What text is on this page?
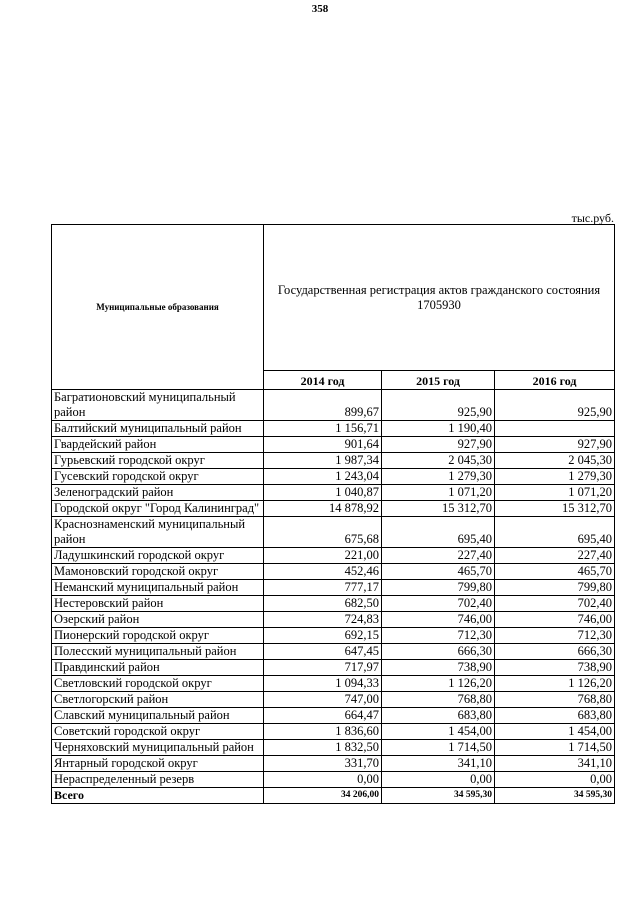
358
тыс.руб.
Муниципальные образования	Государственная регистрация актов гражданского состояния
1705930		
	2014 год	2015 год	2016 год
Багратионовский муниципальный район	899,67	925,90	925,90
Балтийский муниципальный район	1 156,71	1 190,40	
Гвардейский район	901,64	927,90	927,90
Гурьевский городской округ	1 987,34	2 045,30	2 045,30
Гусевский городской округ	1 243,04	1 279,30	1 279,30
Зеленоградский район	1 040,87	1 071,20	1 071,20
Городской округ "Город Калининград"	14 878,92	15 312,70	15 312,70
Краснознаменский муниципальный район	675,68	695,40	695,40
Ладушкинский городской округ	221,00	227,40	227,40
Мамоновский городской округ	452,46	465,70	465,70
Неманский муниципальный район	777,17	799,80	799,80
Нестеровский район	682,50	702,40	702,40
Озерский район	724,83	746,00	746,00
Пионерский городской округ	692,15	712,30	712,30
Полесский муниципальный район	647,45	666,30	666,30
Правдинский район	717,97	738,90	738,90
Светловский городской округ	1 094,33	1 126,20	1 126,20
Светлогорский район	747,00	768,80	768,80
Славский муниципальный район	664,47	683,80	683,80
Советский городской округ	1 836,60	1 454,00	1 454,00
Черняховский муниципальный район	1 832,50	1 714,50	1 714,50
Янтарный городской округ	331,70	341,10	341,10
Нераспределенный резерв	0,00	0,00	0,00
Всего	34 206,00	34 595,30	34 595,30
